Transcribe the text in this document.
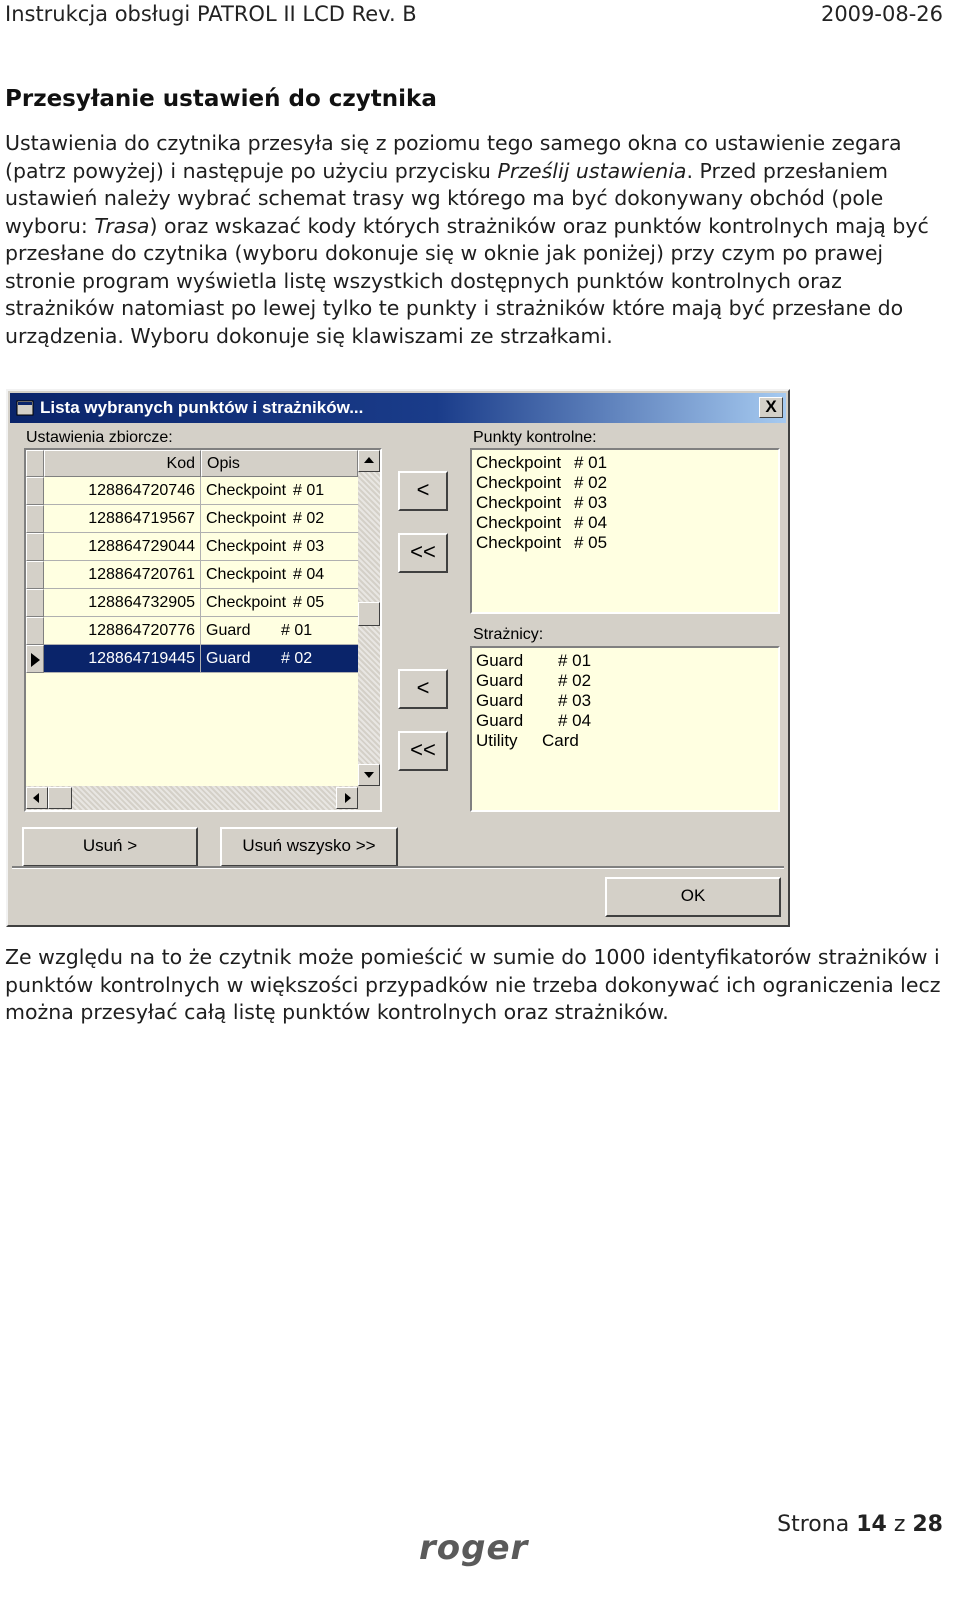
Instrukcja obsługi PATROL II LCD Rev. B	2009-08-26
Przesyłanie ustawień do czytnika
Ustawienia do czytnika przesyła się z poziomu tego samego okna co ustawienie zegara (patrz powyżej) i następuje po użyciu przycisku Prześlij ustawienia. Przed przesłaniem ustawień należy wybrać schemat trasy wg którego ma być dokonywany obchód (pole wyboru: Trasa) oraz wskazać kody których strażników oraz punktów kontrolnych mają być przesłane do czytnika (wyboru dokonuje się w oknie jak poniżej) przy czym po prawej stronie program wyświetla listę wszystkich dostępnych punktów kontrolnych oraz strażników natomiast po lewej tylko te punkty i strażników które mają być przesłane do urządzenia. Wyboru dokonuje się klawiszami ze strzałkami.
Lista wybranych punktów i strażników...	X
Ustawienia zbiorcze:
Kod Opis
128864720746 Checkpoint # 01
128864719567 Checkpoint # 02
128864729044 Checkpoint # 03
128864720761 Checkpoint # 04
128864732905 Checkpoint # 05
128864720776 Guard # 01
128864719445 Guard # 02
<
<<
<
<<
Punkty kontrolne:
Checkpoint # 01
Checkpoint # 02
Checkpoint # 03
Checkpoint # 04
Checkpoint # 05
Strażnicy:
Guard # 01
Guard # 02
Guard # 03
Guard # 04
Utility Card
Usuń >	Usuń wszysko >>
OK
Ze względu na to że czytnik może pomieścić w sumie do 1000 identyfikatorów strażników i punktów kontrolnych w większości przypadków nie trzeba dokonywać ich ograniczenia lecz można przesyłać całą listę punktów kontrolnych oraz strażników.
Strona 14 z 28
roger
